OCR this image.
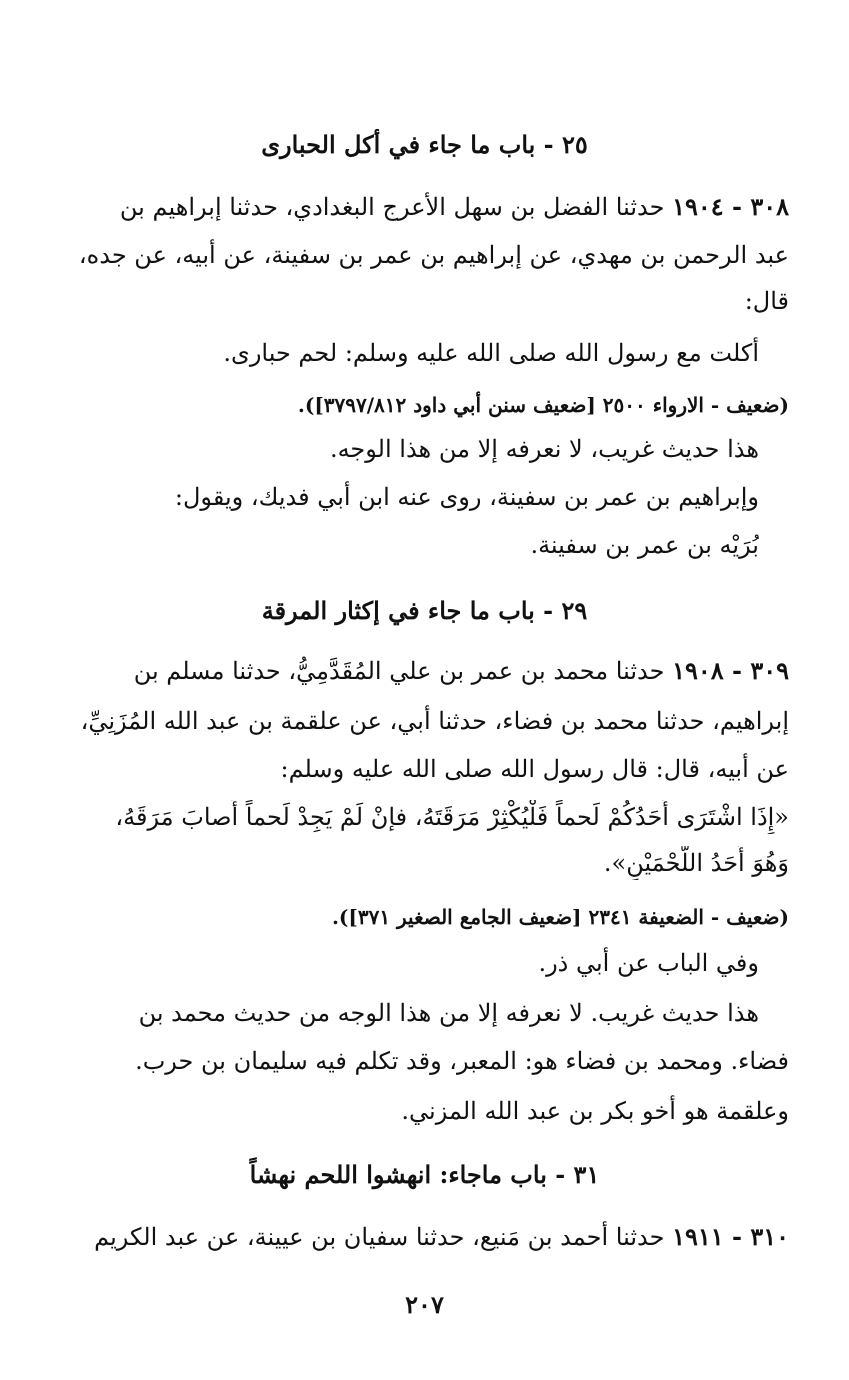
٢٥ - باب ما جاء في أكل الحبارى
٣٠٨ - ١٩٠٤ حدثنا الفضل بن سهل الأعرج البغدادي، حدثنا إبراهيم بن
عبد الرحمن بن مهدي، عن إبراهيم بن عمر بن سفينة، عن أبيه، عن جده،
قال:
أكلت مع رسول الله صلى الله عليه وسلم: لحم حبارى.
(ضعيف - الارواء ٢٥٠٠ [ضعيف سنن أبي داود ٣٧٩٧/٨١٢]).
هذا حديث غريب، لا نعرفه إلا من هذا الوجه.
وإبراهيم بن عمر بن سفينة، روى عنه ابن أبي فديك، ويقول:
بُرَيْه بن عمر بن سفينة.
٢٩ - باب ما جاء في إكثار المرقة
٣٠٩ - ١٩٠٨ حدثنا محمد بن عمر بن علي المُقَدَّمِيُّ، حدثنا مسلم بن
إبراهيم، حدثنا محمد بن فضاء، حدثنا أبي، عن علقمة بن عبد الله المُزَنِيِّ،
عن أبيه، قال: قال رسول الله صلى الله عليه وسلم:
«إِذَا اشْتَرَى أَحَدُكُمْ لَحماً فَلْيُكْثِرْ مَرَقَتَهُ، فإنْ لَمْ يَجِدْ لَحماً أَصابَ مَرَقَهُ،
وَهُوَ أَحَدُ اللَّحْمَيْنِ».
(ضعيف - الضعيفة ٢٣٤١ [ضعيف الجامع الصغير ٣٧١]).
وفي الباب عن أبي ذر.
هذا حديث غريب. لا نعرفه إلا من هذا الوجه من حديث محمد بن
فضاء. ومحمد بن فضاء هو: المعبر، وقد تكلم فيه سليمان بن حرب.
وعلقمة هو أخو بكر بن عبد الله المزني.
٣١ - باب ماجاء: انهشوا اللحم نهشاً
٣١٠ - ١٩١١ حدثنا أحمد بن مَنيع، حدثنا سفيان بن عيينة، عن عبد الكريم
٢٠٧
